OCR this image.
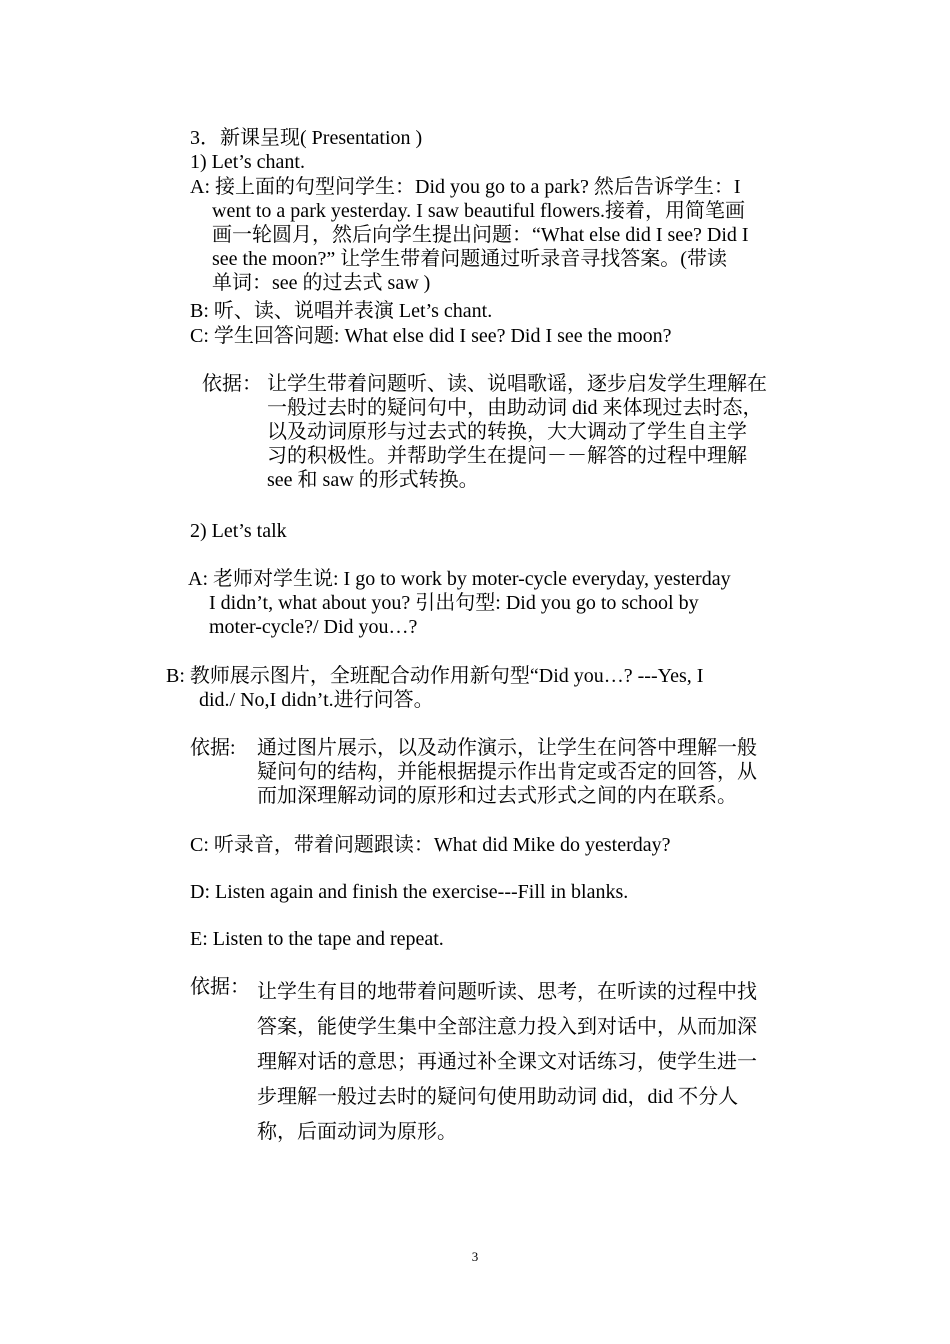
3．新课呈现( Presentation )
1) Let’s chant.
A: 接上面的句型问学生：Did you go to a park? 然后告诉学生：I
went to a park yesterday. I saw beautiful flowers.接着，用简笔画
画一轮圆月，然后向学生提出问题：“What else did I see? Did I
see the moon?” 让学生带着问题通过听录音寻找答案。(带读
单词：see 的过去式 saw )
B: 听、读、说唱并表演 Let’s chant.
C: 学生回答问题: What else did I see? Did I see the moon?
依据： 让学生带着问题听、读、说唱歌谣，逐步启发学生理解在
一般过去时的疑问句中，由助动词 did 来体现过去时态，
以及动词原形与过去式的转换，大大调动了学生自主学
习的积极性。并帮助学生在提问－－解答的过程中理解
see 和 saw 的形式转换。
2) Let’s talk
A: 老师对学生说: I go to work by moter-cycle everyday, yesterday
I didn’t, what about you? 引出句型: Did you go to school by
moter-cycle?/ Did you…?
B: 教师展示图片，全班配合动作用新句型“Did you…? ---Yes, I
did./ No,I didn’t.进行问答。
依据: 通过图片展示，以及动作演示，让学生在问答中理解一般
疑问句的结构，并能根据提示作出肯定或否定的回答，从
而加深理解动词的原形和过去式形式之间的内在联系。
C: 听录音，带着问题跟读：What did Mike do yesterday?
D: Listen again and finish the exercise---Fill in blanks.
E: Listen to the tape and repeat.
依据： 让学生有目的地带着问题听读、思考，在听读的过程中找
答案，能使学生集中全部注意力投入到对话中，从而加深
理解对话的意思；再通过补全课文对话练习，使学生进一
步理解一般过去时的疑问句使用助动词 did，did 不分人
称，后面动词为原形。
3
